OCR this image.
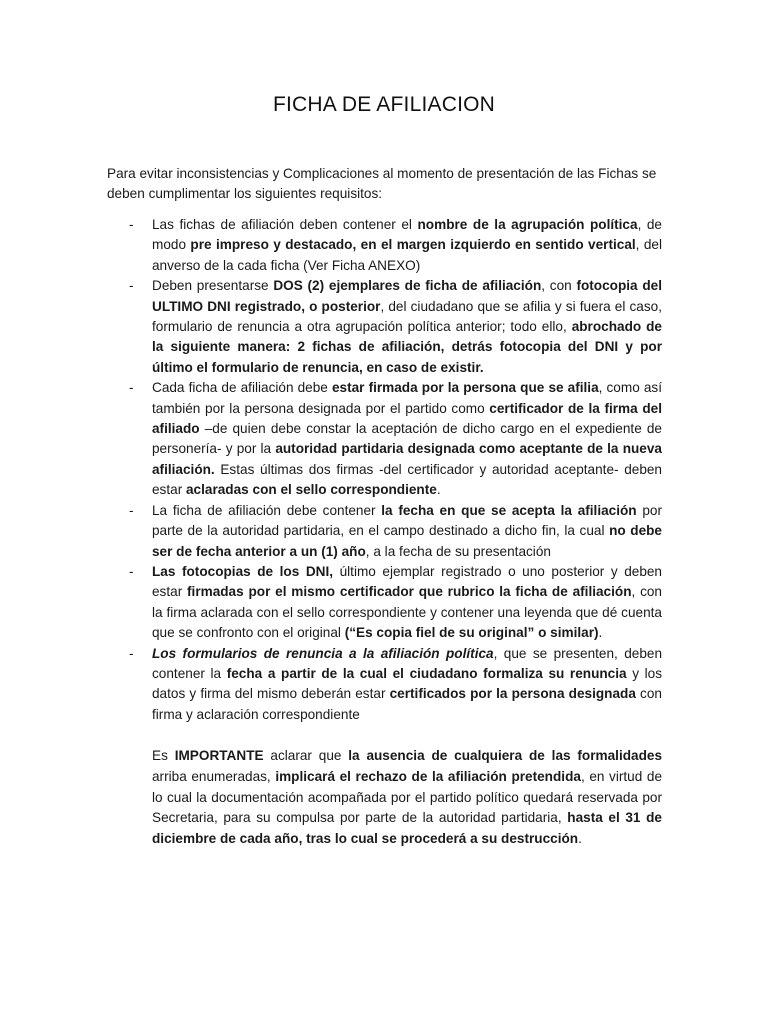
FICHA DE AFILIACION

Para evitar inconsistencias y Complicaciones al momento de presentación de las Fichas se deben cumplimentar los siguientes requisitos:

- Las fichas de afiliación deben contener el nombre de la agrupación política, de modo pre impreso y destacado, en el margen izquierdo en sentido vertical, del anverso de la cada ficha (Ver Ficha ANEXO)
- Deben presentarse DOS (2) ejemplares de ficha de afiliación, con fotocopia del ULTIMO DNI registrado, o posterior, del ciudadano que se afilia y si fuera el caso, formulario de renuncia a otra agrupación política anterior; todo ello, abrochado de la siguiente manera: 2 fichas de afiliación, detrás fotocopia del DNI y por último el formulario de renuncia, en caso de existir.
- Cada ficha de afiliación debe estar firmada por la persona que se afilia, como así también por la persona designada por el partido como certificador de la firma del afiliado –de quien debe constar la aceptación de dicho cargo en el expediente de personería- y por la autoridad partidaria designada como aceptante de la nueva afiliación. Estas últimas dos firmas -del certificador y autoridad aceptante- deben estar aclaradas con el sello correspondiente.
- La ficha de afiliación debe contener la fecha en que se acepta la afiliación por parte de la autoridad partidaria, en el campo destinado a dicho fin, la cual no debe ser de fecha anterior a un (1) año, a la fecha de su presentación
- Las fotocopias de los DNI, último ejemplar registrado o uno posterior y deben estar firmadas por el mismo certificador que rubrico la ficha de afiliación, con la firma aclarada con el sello correspondiente y contener una leyenda que dé cuenta que se confronto con el original (“Es copia fiel de su original” o similar).
- Los formularios de renuncia a la afiliación política, que se presenten, deben contener la fecha a partir de la cual el ciudadano formaliza su renuncia y los datos y firma del mismo deberán estar certificados por la persona designada con firma y aclaración correspondiente

Es IMPORTANTE aclarar que la ausencia de cualquiera de las formalidades arriba enumeradas, implicará el rechazo de la afiliación pretendida, en virtud de lo cual la documentación acompañada por el partido político quedará reservada por Secretaria, para su compulsa por parte de la autoridad partidaria, hasta el 31 de diciembre de cada año, tras lo cual se procederá a su destrucción.
